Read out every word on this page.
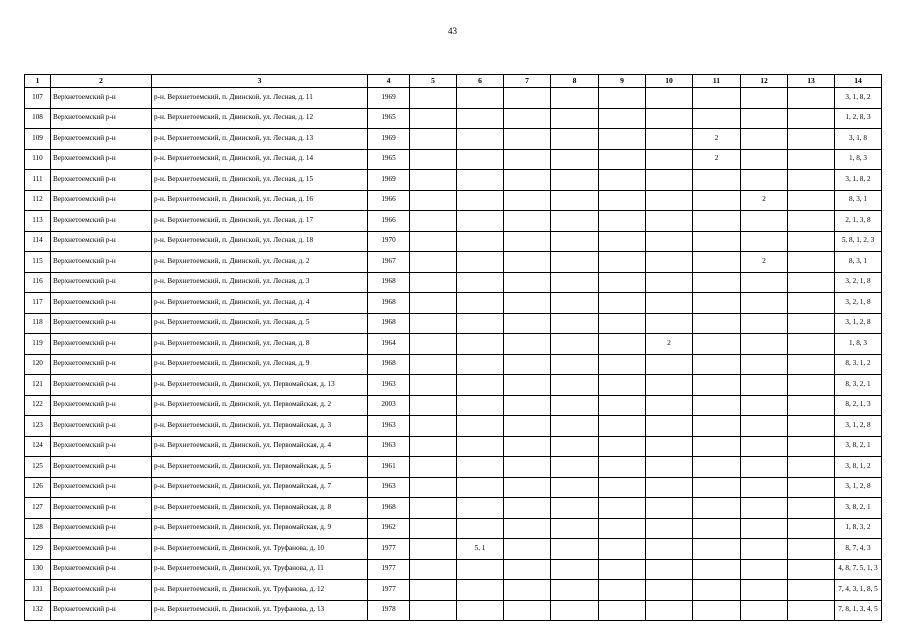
43
1	2	3	4	5	6	7	8	9	10	11	12	13	14
107	Верхнетоемский р-н	р-н. Верхнетоемский, п. Двинской, ул. Лесная, д. 11	1969										3, 1, 8, 2
108	Верхнетоемский р-н	р-н. Верхнетоемский, п. Двинской, ул. Лесная, д. 12	1965										1, 2, 8, 3
109	Верхнетоемский р-н	р-н. Верхнетоемский, п. Двинской, ул. Лесная, д. 13	1969							2			3, 1, 8
110	Верхнетоемский р-н	р-н. Верхнетоемский, п. Двинской, ул. Лесная, д. 14	1965							2			1, 8, 3
111	Верхнетоемский р-н	р-н. Верхнетоемский, п. Двинской, ул. Лесная, д. 15	1969										3, 1, 8, 2
112	Верхнетоемский р-н	р-н. Верхнетоемский, п. Двинской, ул. Лесная, д. 16	1966								2		8, 3, 1
113	Верхнетоемский р-н	р-н. Верхнетоемский, п. Двинской, ул. Лесная, д. 17	1966										2, 1, 3, 8
114	Верхнетоемский р-н	р-н. Верхнетоемский, п. Двинской, ул. Лесная, д. 18	1970										5, 8, 1, 2, 3
115	Верхнетоемский р-н	р-н. Верхнетоемский, п. Двинской, ул. Лесная, д. 2	1967								2		8, 3, 1
116	Верхнетоемский р-н	р-н. Верхнетоемский, п. Двинской, ул. Лесная, д. 3	1968										3, 2, 1, 8
117	Верхнетоемский р-н	р-н. Верхнетоемский, п. Двинской, ул. Лесная, д. 4	1968										3, 2, 1, 8
118	Верхнетоемский р-н	р-н. Верхнетоемский, п. Двинской, ул. Лесная, д. 5	1968										3, 1, 2, 8
119	Верхнетоемский р-н	р-н. Верхнетоемский, п. Двинской, ул. Лесная, д. 8	1964						2				1, 8, 3
120	Верхнетоемский р-н	р-н. Верхнетоемский, п. Двинской, ул. Лесная, д. 9	1968										8, 3, 1, 2
121	Верхнетоемский р-н	р-н. Верхнетоемский, п. Двинской, ул. Первомайская, д. 13	1963										8, 3, 2, 1
122	Верхнетоемский р-н	р-н. Верхнетоемский, п. Двинской, ул. Первомайская, д. 2	2003										8, 2, 1, 3
123	Верхнетоемский р-н	р-н. Верхнетоемский, п. Двинской, ул. Первомайская, д. 3	1963										3, 1, 2, 8
124	Верхнетоемский р-н	р-н. Верхнетоемский, п. Двинской, ул. Первомайская, д. 4	1963										3, 8, 2, 1
125	Верхнетоемский р-н	р-н. Верхнетоемский, п. Двинской, ул. Первомайская, д. 5	1961										3, 8, 1, 2
126	Верхнетоемский р-н	р-н. Верхнетоемский, п. Двинской, ул. Первомайская, д. 7	1963										3, 1, 2, 8
127	Верхнетоемский р-н	р-н. Верхнетоемский, п. Двинской, ул. Первомайская, д. 8	1968										3, 8, 2, 1
128	Верхнетоемский р-н	р-н. Верхнетоемский, п. Двинской, ул. Первомайская, д. 9	1962										1, 8, 3, 2
129	Верхнетоемский р-н	р-н. Верхнетоемский, п. Двинской, ул. Труфанова, д. 10	1977		5, 1								8, 7, 4, 3
130	Верхнетоемский р-н	р-н. Верхнетоемский, п. Двинской, ул. Труфанова, д. 11	1977										4, 8, 7, 5, 1, 3
131	Верхнетоемский р-н	р-н. Верхнетоемский, п. Двинской, ул. Труфанова, д. 12	1977										7, 4, 3, 1, 8, 5
132	Верхнетоемский р-н	р-н. Верхнетоемский, п. Двинской, ул. Труфанова, д. 13	1978										7, 8, 1, 3, 4, 5
